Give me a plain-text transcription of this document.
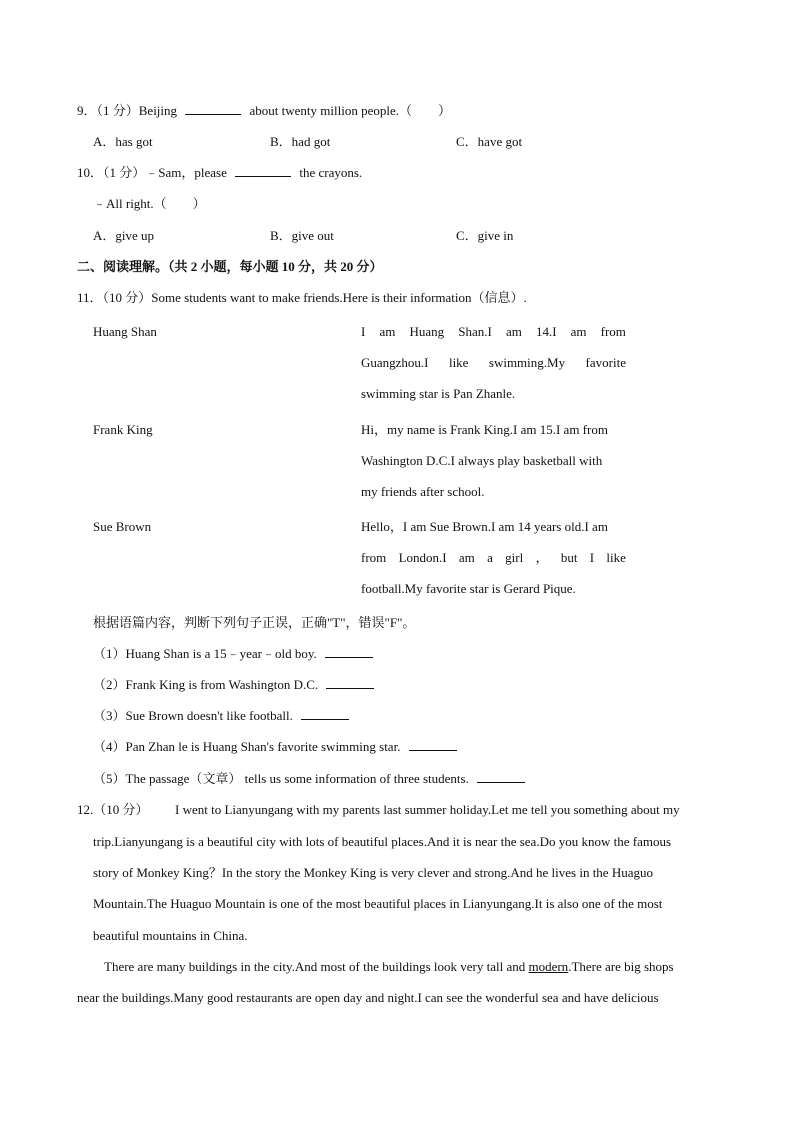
9．（1 分）Beijing	about twenty million people.（　　）
A．has got	B．had got	C．have got
10．（1 分）﹣Sam，please	the crayons.
﹣All right.（　　）
A．give up	B．give out	C．give in
二、阅读理解。（共 2 小题，每小题 10 分，共 20 分）
11．（10 分）Some students want to make friends.Here is their information（信息）.
Huang Shan	I am Huang Shan.I am 14.I am from
Guangzhou.I like swimming.My favorite
swimming star is Pan Zhanle.
Frank King	Hi，my name is Frank King.I am 15.I am from
Washington D.C.I always play basketball with
my friends after school.
Sue Brown	Hello，I am Sue Brown.I am 14 years old.I am
from London.I am a girl ， but I like
football.My favorite star is Gerard Pique.
根据语篇内容，判断下列句子正误，正确"T"，错误"F"。
（1）Huang Shan is a 15﹣year﹣old boy.
（2）Frank King is from Washington D.C.
（3）Sue Brown doesn't like football.
（4）Pan Zhan le is Huang Shan's favorite swimming star.
（5）The passage（文章） tells us some information of three students.
12.（10 分） I went to Lianyungang with my parents last summer holiday.Let me tell you something about my
trip.Lianyungang is a beautiful city with lots of beautiful places.And it is near the sea.Do you know the famous
story of Monkey King？In the story the Monkey King is very clever and strong.And he lives in the Huaguo
Mountain.The Huaguo Mountain is one of the most beautiful places in Lianyungang.It is also one of the most
beautiful mountains in China.
There are many buildings in the city.And most of the buildings look very tall and modern.There are big shops
near the buildings.Many good restaurants are open day and night.I can see the wonderful sea and have delicious
